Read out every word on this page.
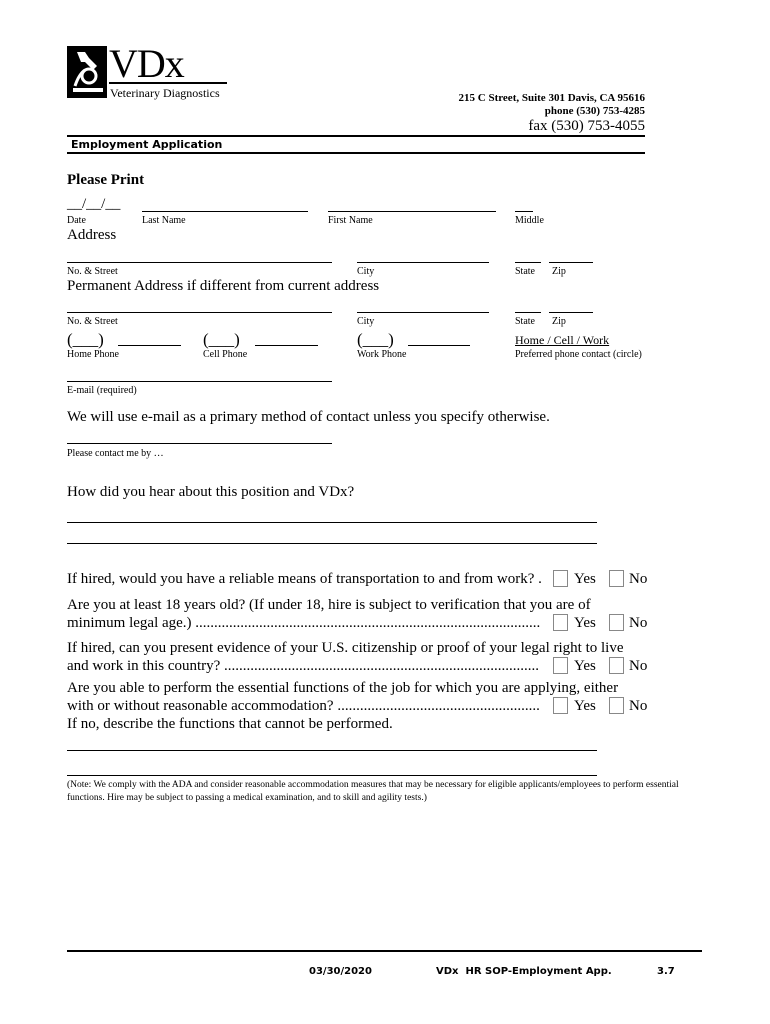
VDx
Veterinary Diagnostics	215 C Street, Suite 301 Davis, CA 95616
phone (530) 753-4285
fax (530) 753-4055
Employment Application
Please Print
__/__/__
Date	Last Name	First Name	Middle
Address
No. & Street	City	State Zip
Permanent Address if different from current address
No. & Street	City	State Zip
(___)	(___)	(___)	Home / Cell / Work
Home Phone	Cell Phone	Work Phone	Preferred phone contact (circle)
E-mail (required)
We will use e-mail as a primary method of contact unless you specify otherwise.
Please contact me by …
How did you hear about this position and VDx?
If hired, would you have a reliable means of transportation to and from work? . Yes No
Are you at least 18 years old? (If under 18, hire is subject to verification that you are of
minimum legal age.) ............................................................................................ Yes No
If hired, can you present evidence of your U.S. citizenship or proof of your legal right to live
and work in this country? .................................................................................... Yes No
Are you able to perform the essential functions of the job for which you are applying, either
with or without reasonable accommodation? ...................................................... Yes No
If no, describe the functions that cannot be performed.
(Note: We comply with the ADA and consider reasonable accommodation measures that may be necessary for eligible applicants/employees to perform essential functions. Hire may be subject to passing a medical examination, and to skill and agility tests.)
03/30/2020	VDx  HR SOP-Employment App.	3.7
